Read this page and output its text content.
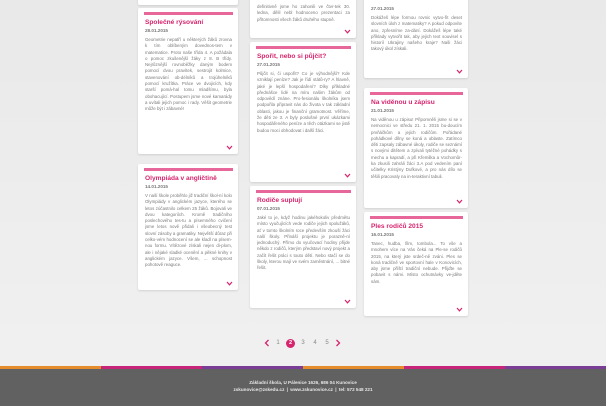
Společné rýsování
28.01.2015
Geometrie nepatří u některých žáků zrovna k tím oblíbeným dovednos-tem v matematice. Proto naše třída 4. A požádala o pomoc zkušenější žáky z 8. B třídy. Nejrůznější rovnoběžky daným bodem pomocí dvou pravítek, sestrojit kolmice, stavenování ob-délníků a trojúhelníků pomocí kružítka. Práce ve dvojicích, kdy starší pomá-hal tomu mladšímu, byla obohacující. Postupem jsme nové kamarády a uvítali jejich pomoc i rady. Věšit geometrie může být i zábavné!
Olympiáda v angličtině
14.01.2015
V naší škole proběhlo již tradiční škol-ní kolo Olympiády v anglickém jazyce, kterého se letos zúčastnilo celkem 25 žáků. Bojovali ve dvou kategoriích. Kromě tradičního poslechového tes-tu a písemného cvičení jsme letos nově přidali i všeobecný test slovní zásoby a gramatiky. Největší důraz při celko-vém hodnocení se ale kladl na písem-nou formu. Vítězové získali nejen di-plom, ale i nějaké sladké ocenění a pěkné knihy v anglickém jazyce. Všem, ... schopnost pohotově reaguce.
definitivně jsme ho zahonili ve čtvr-tek 30. ledna, dělil nebl hodnoceno prezentaci za přítomnosti všech žáků druhého stupně.
Spořit, nebo si půjčit?
27.01.2015
Půjčit si, či uspořit? Co je výhodnější? Kde vzniklají peníze? Jak je řídí států-ry? A hlavně, jaké je lepší hospodaření? Díky příkladné přednášce lidé na míru našim žákům od odpovědí znáne. Pro-fesionálu školníka jsem podpořila připravit nás do života v tak základní oblasti, jakou je finanční gramotnost. Věříme, že děti ze 3. A byly poslušné první ukázkami hospodářeného peníze a těch otázkami se jistě budou moci obhodovat i další žáci.
Rodiče suplují
07.01.2015
Jaké to je, když hodinu jakéhokoliv předmětu místo vyučujících vede rodiče jejich spolužáků, ať v tomto školním roce především zkouší žáci naší školy. Přináší projektu je porazně-ní jednoduchý. Přímo do vyučovací hodiny přijde někdo z rodičů, kterým představí nový projekt a začít řešit práci s touto dětí. Nebo stačí se do školy, kterou mají ve svém zaměstnání, ... bitné řešit.
27.01.2015
Dokážeš lépe formou rovnic vytvo-řit deset slovních úloh z matematiky? A pokud odpovíte ano, zpřesníme za-dání. Dokážeš lépe také příklady vytvořit tak, aby jejich text souvisel s historií Ukrajiny našeho kraje? Naši žáci takový úkol získali.
Na viděnou u zápisu
21.01.2015
Na viděnou u zápisu! Připomněli jsme si se v nemocnici ve středu 21. 1. 2015 bu-doucím prvňáčkům a jejich rodičům. Pořádané pohádkové dílny se koná a oblaste. Zatímco děti zapsaly zábavné úkoly, rodiče se seznámí s novými dítětem a zpívali tytéžné pohádky s mechu a kapradí, a při Křemilka a Vochomůr-ka zkusili zahráli žáci 3.A pod vedením paní učitelky Kristýny Dufkové, a pro nás dílo se těšili pracovaly na in-teraktivní tabuli.
Ples rodičů 2015
16.01.2015
Tanec, hudba, film, tombola... To vše a mnohem více na Vás čeká na Ple-se rodičů 2015, na který jste srdeč-ně zváni. Ples se koná tradičně ve sportovní hale v Konovicích, aby jsme příští tradiční nebude. Přijďte se pobavit s námi. Místo ochutnávky ve-jděte sám.
1	2	3	4	5
Základní škola, U Pálenice 1626, 686 04 Kunovice
zskunovice@zskedu.cz | www.zskunovice.cz | tel: 572 548 221
